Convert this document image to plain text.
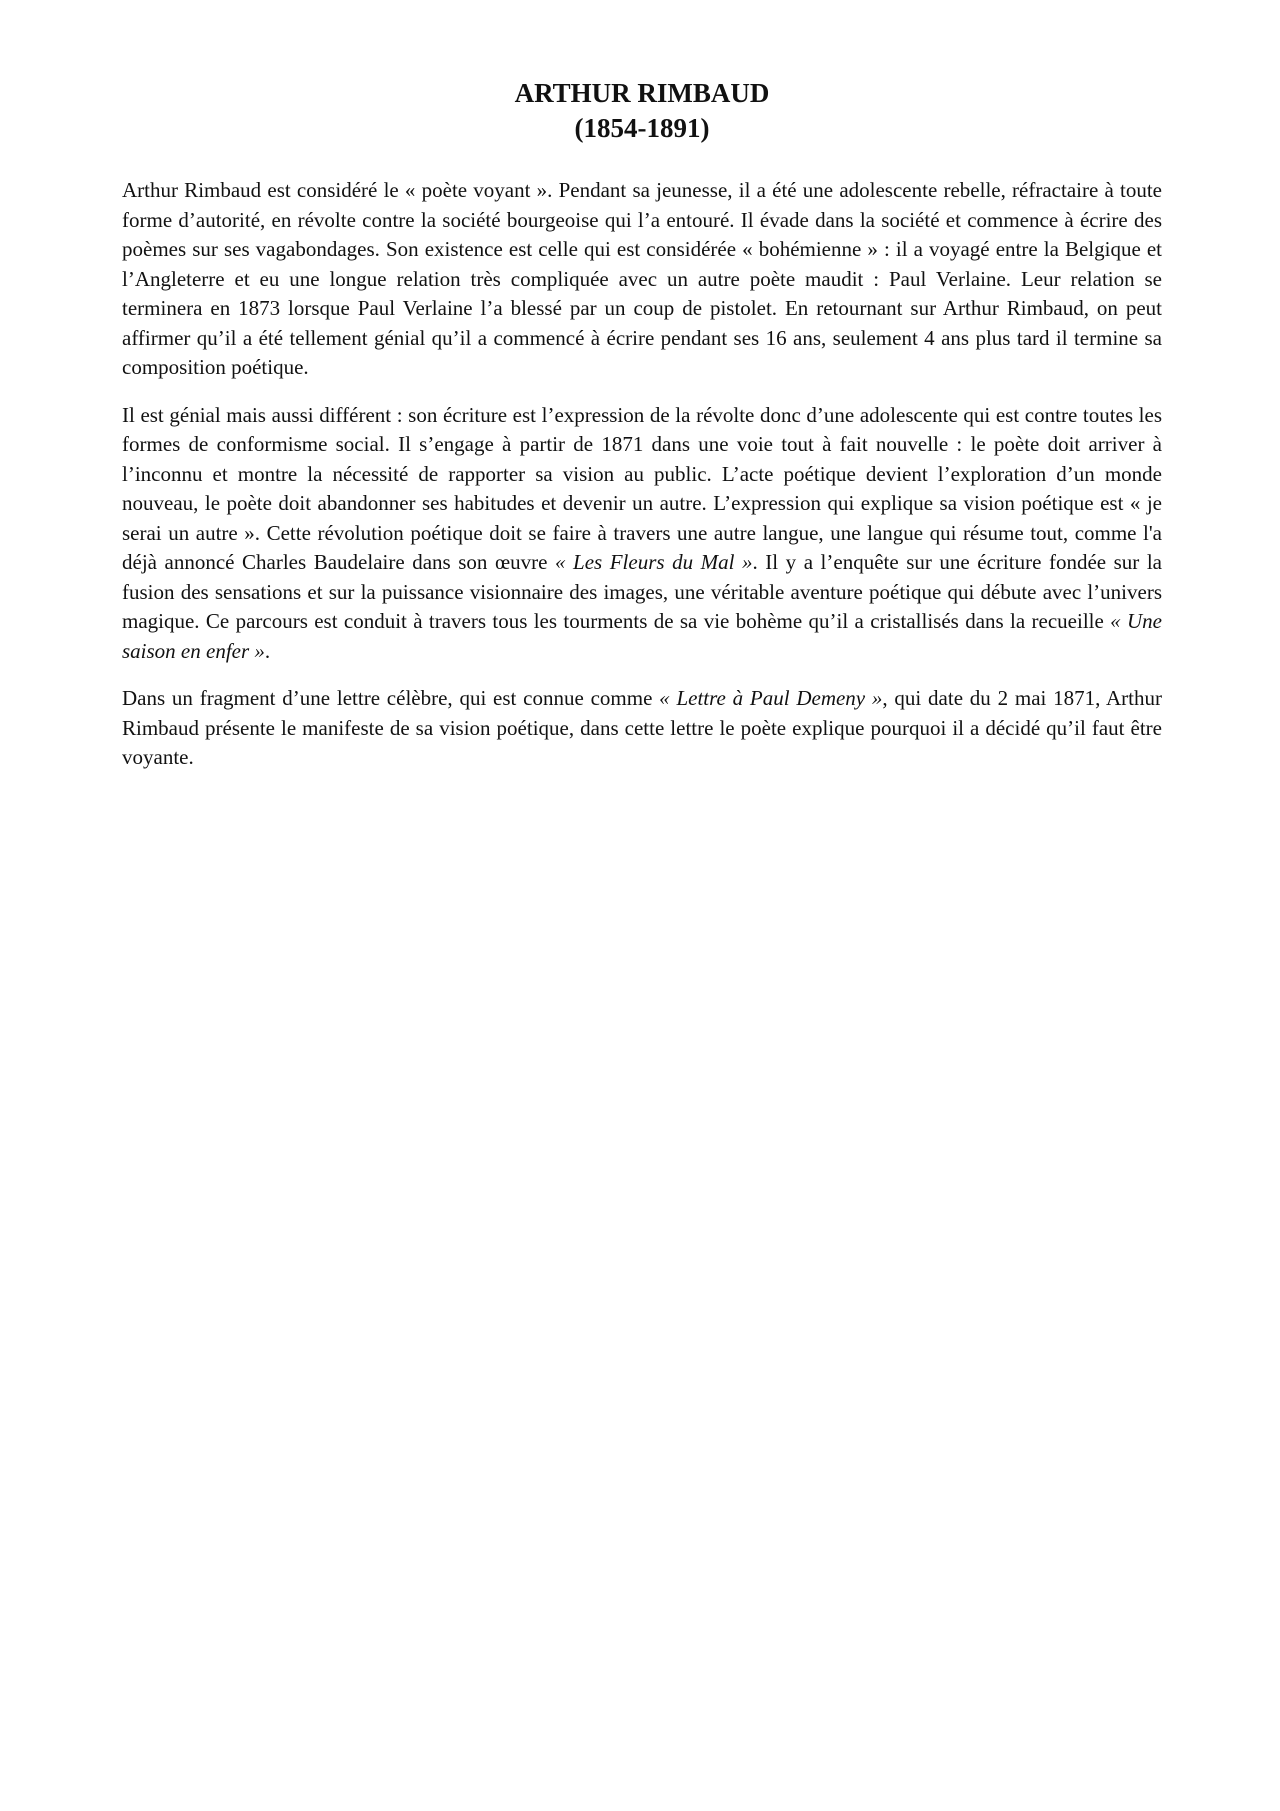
ARTHUR RIMBAUD
(1854-1891)

Arthur Rimbaud est considéré le « poète voyant ». Pendant sa jeunesse, il a été une adolescente rebelle, réfractaire à toute forme d’autorité, en révolte contre la société bourgeoise qui l’a entouré. Il évade dans la société et commence à écrire des poèmes sur ses vagabondages. Son existence est celle qui est considérée « bohémienne » : il a voyagé entre la Belgique et l’Angleterre et eu une longue relation très compliquée avec un autre poète maudit : Paul Verlaine. Leur relation se terminera en 1873 lorsque Paul Verlaine l’a blessé par un coup de pistolet. En retournant sur Arthur Rimbaud, on peut affirmer qu’il a été tellement génial qu’il a commencé à écrire pendant ses 16 ans, seulement 4 ans plus tard il termine sa composition poétique.

Il est génial mais aussi différent : son écriture est l’expression de la révolte donc d’une adolescente qui est contre toutes les formes de conformisme social. Il s’engage à partir de 1871 dans une voie tout à fait nouvelle : le poète doit arriver à l’inconnu et montre la nécessité de rapporter sa vision au public. L’acte poétique devient l’exploration d’un monde nouveau, le poète doit abandonner ses habitudes et devenir un autre. L’expression qui explique sa vision poétique est « je serai un autre ». Cette révolution poétique doit se faire à travers une autre langue, une langue qui résume tout, comme l'a déjà annoncé Charles Baudelaire dans son œuvre « Les Fleurs du Mal ». Il y a l’enquête sur une écriture fondée sur la fusion des sensations et sur la puissance visionnaire des images, une véritable aventure poétique qui débute avec l’univers magique. Ce parcours est conduit à travers tous les tourments de sa vie bohème qu’il a cristallisés dans la recueille « Une saison en enfer ».

Dans un fragment d’une lettre célèbre, qui est connue comme « Lettre à Paul Demeny », qui date du 2 mai 1871, Arthur Rimbaud présente le manifeste de sa vision poétique, dans cette lettre le poète explique pourquoi il a décidé qu’il faut être voyante.
